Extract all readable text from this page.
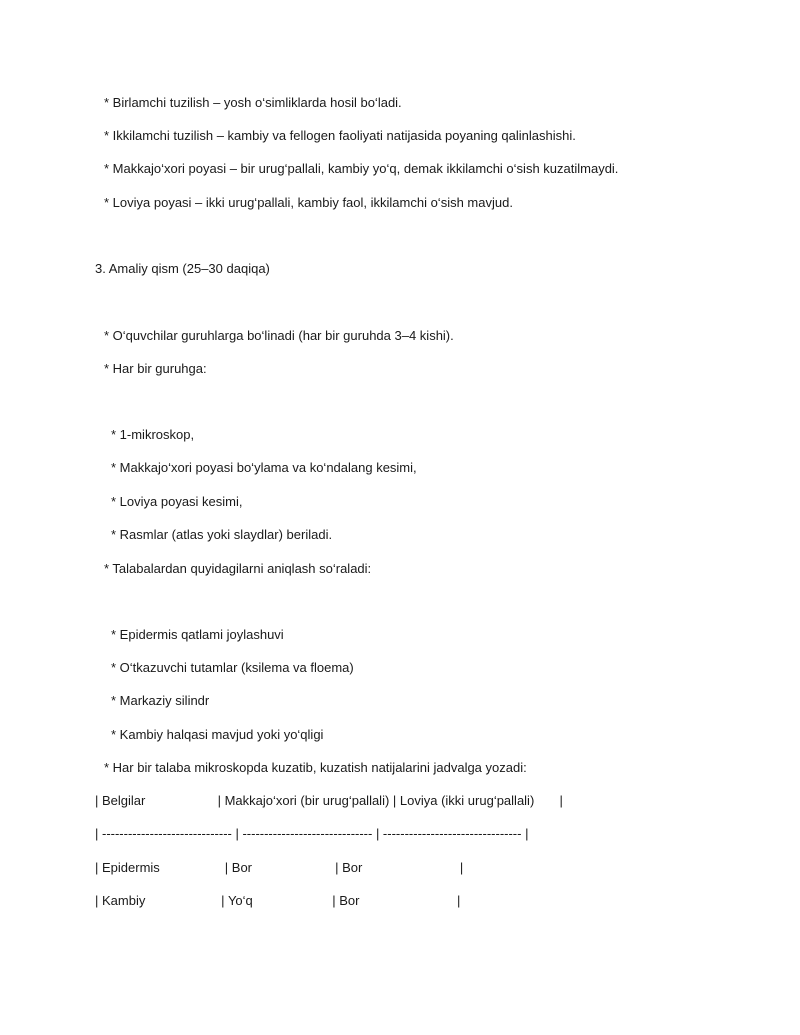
* Birlamchi tuzilish – yosh o‘simliklarda hosil bo‘ladi.
* Ikkilamchi tuzilish – kambiy va fellogen faoliyati natijasida poyaning qalinlashishi.
* Makkajo‘xori poyasi – bir urug‘pallali, kambiy yo‘q, demak ikkilamchi o‘sish kuzatilmaydi.
* Loviya poyasi – ikki urug‘pallali, kambiy faol, ikkilamchi o‘sish mavjud.
3. Amaliy qism (25–30 daqiqa)
* O‘quvchilar guruhlarga bo‘linadi (har bir guruhda 3–4 kishi).
* Har bir guruhga:
* 1-mikroskop,
* Makkajo‘xori poyasi bo‘ylama va ko‘ndalang kesimi,
* Loviya poyasi kesimi,
* Rasmlar (atlas yoki slaydlar) beriladi.
* Talabalardan quyidagilarni aniqlash so‘raladi:
* Epidermis qatlami joylashuvi
* O‘tkazuvchi tutamlar (ksilema va floema)
* Markaziy silindr
* Kambiy halqasi mavjud yoki yo‘qligi
* Har bir talaba mikroskopda kuzatib, kuzatish natijalarini jadvalga yozadi:
| Belgilar                    | Makkajo‘xori (bir urug‘pallali) | Loviya (ikki urug‘pallali)       |
| ------------------------------ | ------------------------------ | -------------------------------- |
| Epidermis                  | Bor                       | Bor                           |
| Kambiy                     | Yo‘q                      | Bor                           |
